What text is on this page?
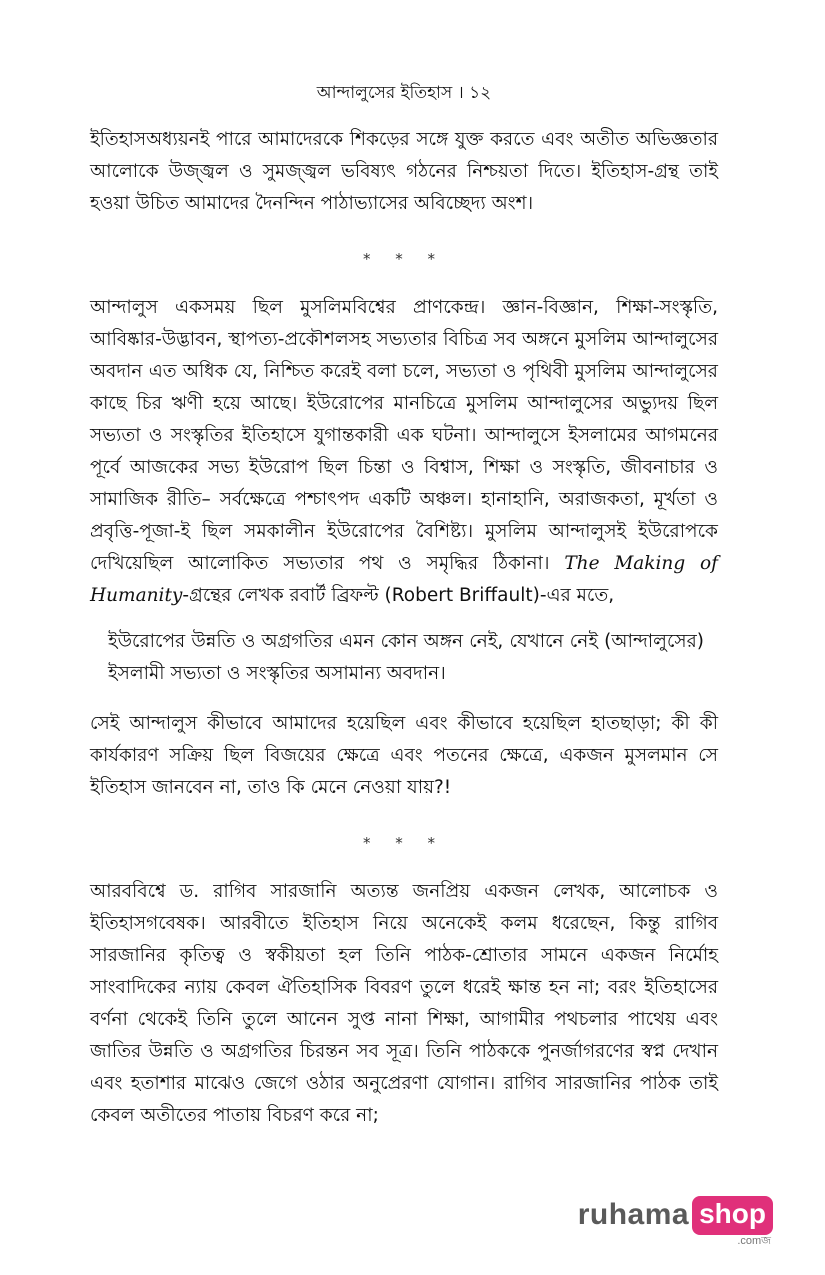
আন্দালুসের ইতিহাস । ১২

ইতিহাসঅধ্যয়নই পারে আমাদেরকে শিকড়ের সঙ্গে যুক্ত করতে এবং অতীত অভিজ্ঞতার আলোকে উজ্জ্বল ও সুমজ্জ্বল ভবিষ্যৎ গঠনের নিশ্চয়তা দিতে। ইতিহাস-গ্রন্থ তাই হওয়া উচিত আমাদের দৈনন্দিন পাঠাভ্যাসের অবিচ্ছেদ্য অংশ।

* * *

আন্দালুস একসময় ছিল মুসলিমবিশ্বের প্রাণকেন্দ্র। জ্ঞান-বিজ্ঞান, শিক্ষা-সংস্কৃতি, আবিষ্কার-উদ্ভাবন, স্থাপত্য-প্রকৌশলসহ সভ্যতার বিচিত্র সব অঙ্গনে মুসলিম আন্দালুসের অবদান এত অধিক যে, নিশ্চিত করেই বলা চলে, সভ্যতা ও পৃথিবী মুসলিম আন্দালুসের কাছে চির ঋণী হয়ে আছে। ইউরোপের মানচিত্রে মুসলিম আন্দালুসের অভ্যুদয় ছিল সভ্যতা ও সংস্কৃতির ইতিহাসে যুগান্তকারী এক ঘটনা। আন্দালুসে ইসলামের আগমনের পূর্বে আজকের সভ্য ইউরোপ ছিল চিন্তা ও বিশ্বাস, শিক্ষা ও সংস্কৃতি, জীবনাচার ও সামাজিক রীতি– সর্বক্ষেত্রে পশ্চাৎপদ একটি অঞ্চল। হানাহানি, অরাজকতা, মূর্খতা ও প্রবৃত্তি-পূজা-ই ছিল সমকালীন ইউরোপের বৈশিষ্ট্য। মুসলিম আন্দালুসই ইউরোপকে দেখিয়েছিল আলোকিত সভ্যতার পথ ও সমৃদ্ধির ঠিকানা। The Making of Humanity-গ্রন্থের লেখক রবার্ট ব্রিফল্ট (Robert Briffault)-এর মতে,

ইউরোপের উন্নতি ও অগ্রগতির এমন কোন অঙ্গন নেই, যেখানে নেই (আন্দালুসের) ইসলামী সভ্যতা ও সংস্কৃতির অসামান্য অবদান।

সেই আন্দালুস কীভাবে আমাদের হয়েছিল এবং কীভাবে হয়েছিল হাতছাড়া; কী কী কার্যকারণ সক্রিয় ছিল বিজয়ের ক্ষেত্রে এবং পতনের ক্ষেত্রে, একজন মুসলমান সে ইতিহাস জানবেন না, তাও কি মেনে নেওয়া যায়?!

* * *

আরববিশ্বে ড. রাগিব সারজানি অত্যন্ত জনপ্রিয় একজন লেখক, আলোচক ও ইতিহাসগবেষক। আরবীতে ইতিহাস নিয়ে অনেকেই কলম ধরেছেন, কিন্তু রাগিব সারজানির কৃতিত্ব ও স্বকীয়তা হল তিনি পাঠক-শ্রোতার সামনে একজন নির্মোহ সাংবাদিকের ন্যায় কেবল ঐতিহাসিক বিবরণ তুলে ধরেই ক্ষান্ত হন না; বরং ইতিহাসের বর্ণনা থেকেই তিনি তুলে আনেন সুপ্ত নানা শিক্ষা, আগামীর পথচলার পাথেয় এবং জাতির উন্নতি ও অগ্রগতির চিরন্তন সব সূত্র। তিনি পাঠককে পুনর্জাগরণের স্বপ্ন দেখান এবং হতাশার মাঝেও জেগে ওঠার অনুপ্রেরণা যোগান। রাগিব সারজানির পাঠক তাই কেবল অতীতের পাতায় বিচরণ করে না;

ruhama shop
.comজ
